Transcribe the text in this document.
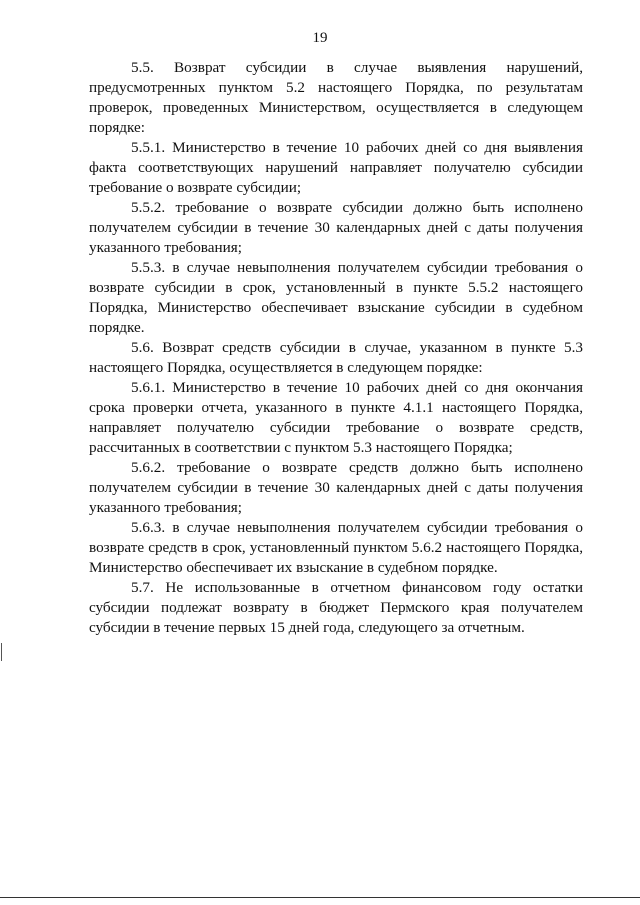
19

5.5. Возврат субсидии в случае выявления нарушений, предусмотренных пунктом 5.2 настоящего Порядка, по результатам проверок, проведенных Министерством, осуществляется в следующем порядке:

5.5.1. Министерство в течение 10 рабочих дней со дня выявления факта соответствующих нарушений направляет получателю субсидии требование о возврате субсидии;

5.5.2. требование о возврате субсидии должно быть исполнено получателем субсидии в течение 30 календарных дней с даты получения указанного требования;

5.5.3. в случае невыполнения получателем субсидии требования о возврате субсидии в срок, установленный в пункте 5.5.2 настоящего Порядка, Министерство обеспечивает взыскание субсидии в судебном порядке.

5.6. Возврат средств субсидии в случае, указанном в пункте 5.3 настоящего Порядка, осуществляется в следующем порядке:

5.6.1. Министерство в течение 10 рабочих дней со дня окончания срока проверки отчета, указанного в пункте 4.1.1 настоящего Порядка, направляет получателю субсидии требование о возврате средств, рассчитанных в соответствии с пунктом 5.3 настоящего Порядка;

5.6.2. требование о возврате средств должно быть исполнено получателем субсидии в течение 30 календарных дней с даты получения указанного требования;

5.6.3. в случае невыполнения получателем субсидии требования о возврате средств в срок, установленный пунктом 5.6.2 настоящего Порядка, Министерство обеспечивает их взыскание в судебном порядке.

5.7. Не использованные в отчетном финансовом году остатки субсидии подлежат возврату в бюджет Пермского края получателем субсидии в течение первых 15 дней года, следующего за отчетным.
